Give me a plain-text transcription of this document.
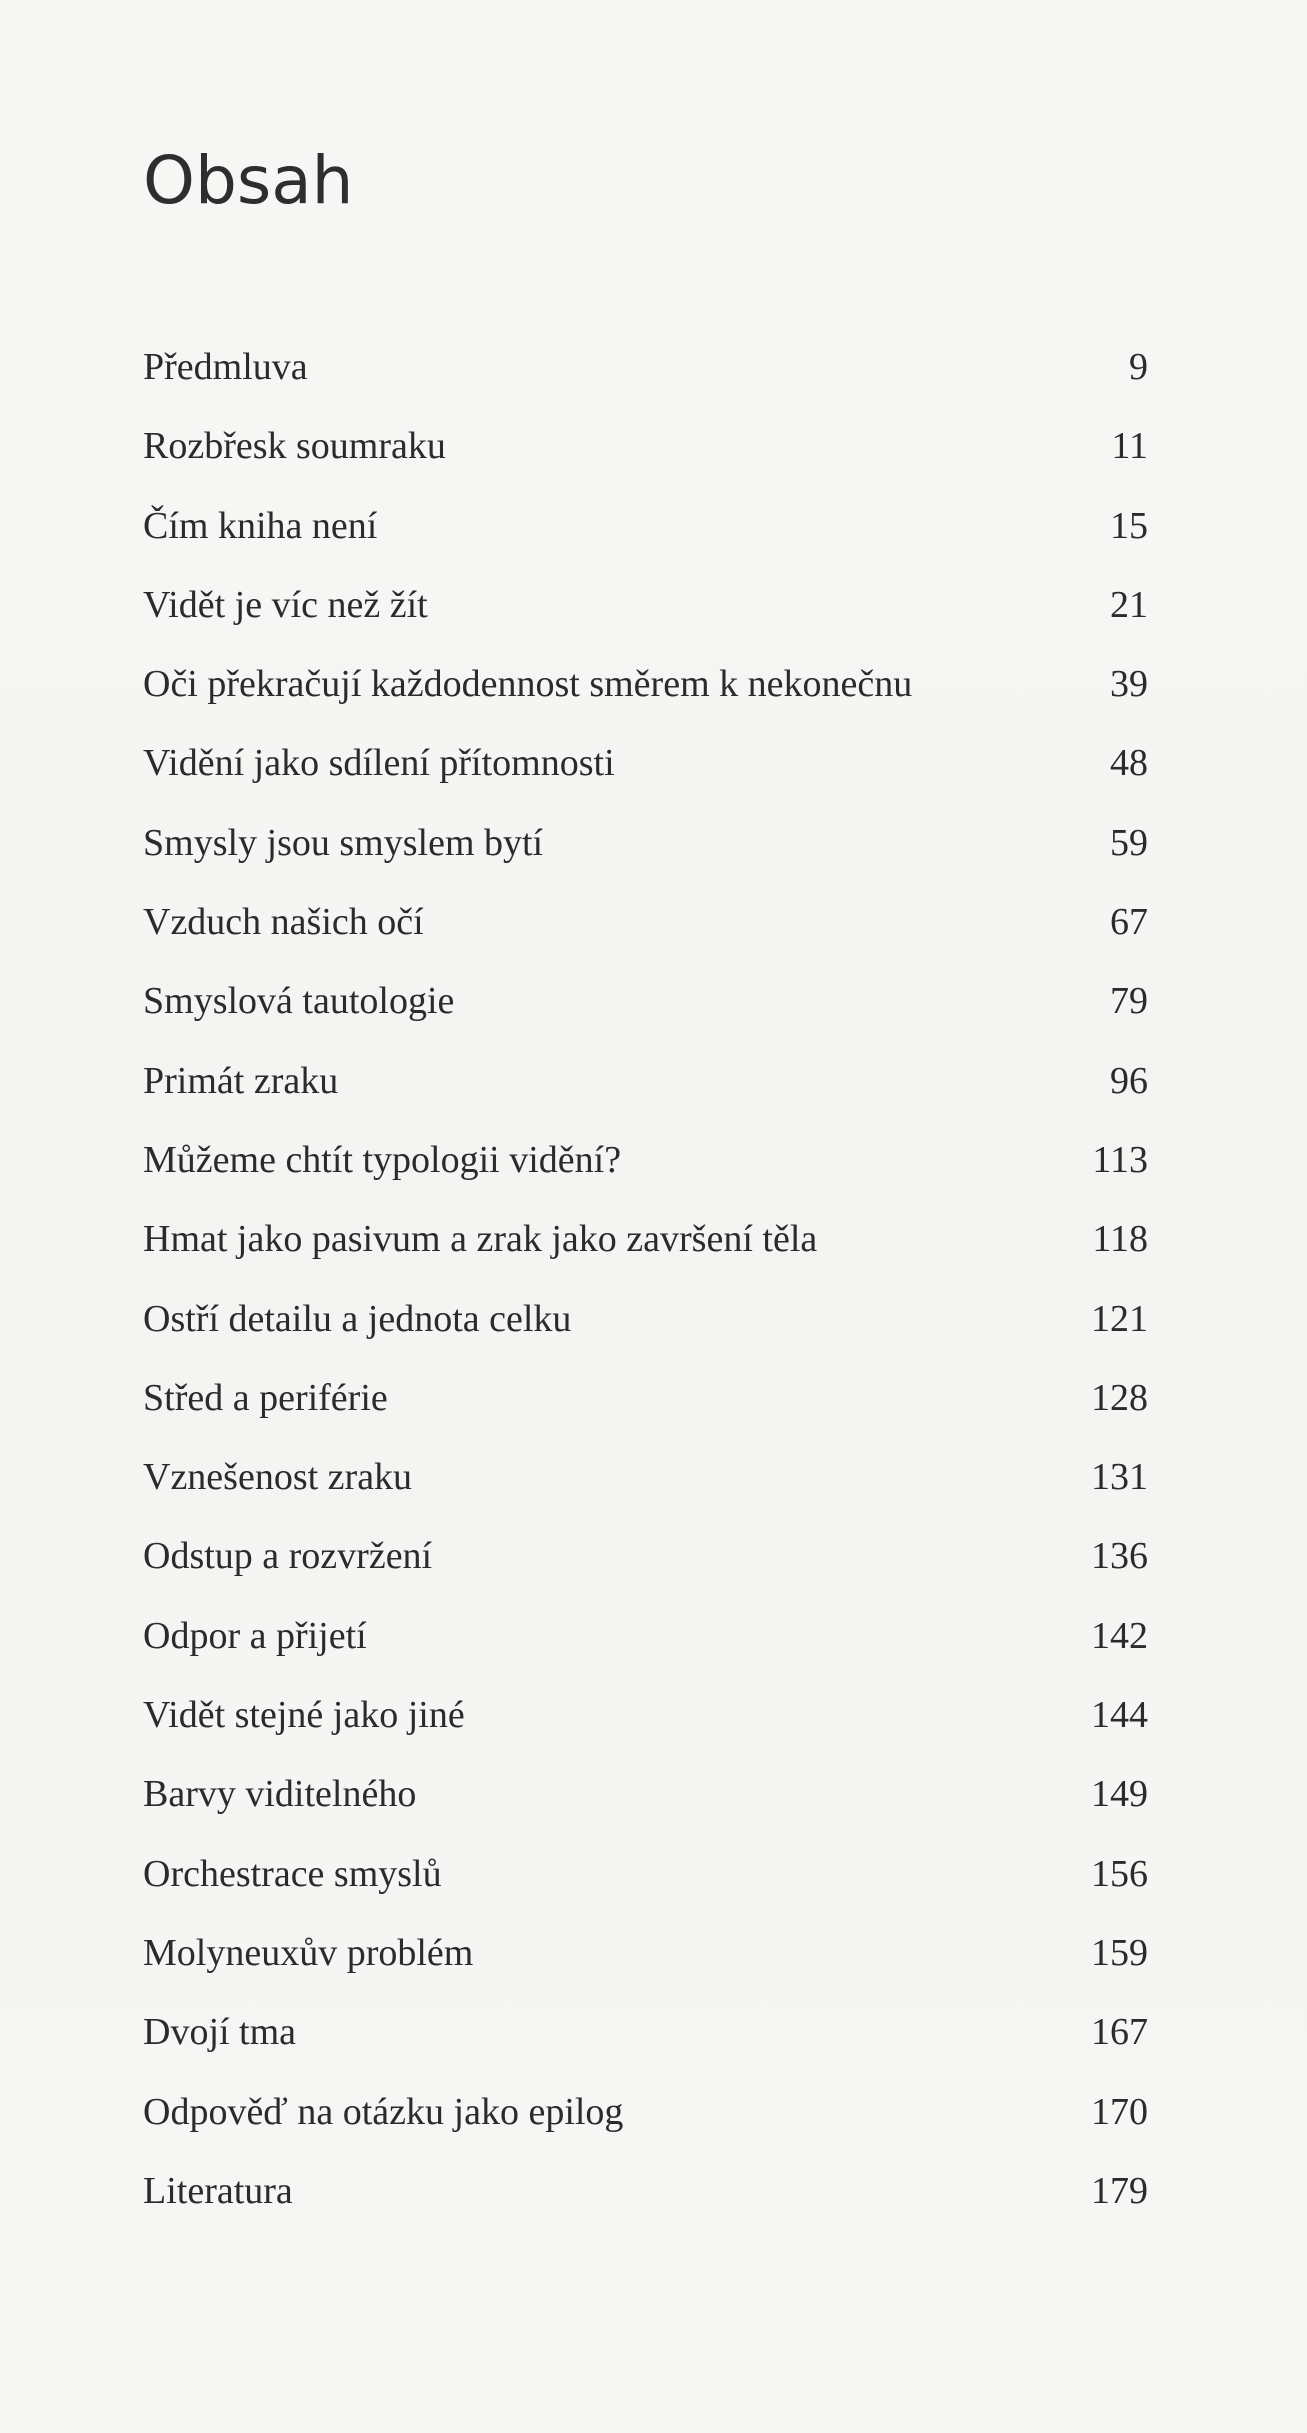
Obsah
Předmluva	9
Rozbřesk soumraku	11
Čím kniha není	15
Vidět je víc než žít	21
Oči překračují každodennost směrem k nekonečnu	39
Vidění jako sdílení přítomnosti	48
Smysly jsou smyslem bytí	59
Vzduch našich očí	67
Smyslová tautologie	79
Primát zraku	96
Můžeme chtít typologii vidění?	113
Hmat jako pasivum a zrak jako završení těla	118
Ostří detailu a jednota celku	121
Střed a periférie	128
Vznešenost zraku	131
Odstup a rozvržení	136
Odpor a přijetí	142
Vidět stejné jako jiné	144
Barvy viditelného	149
Orchestrace smyslů	156
Molyneuxův problém	159
Dvojí tma	167
Odpověď na otázku jako epilog	170
Literatura	179
